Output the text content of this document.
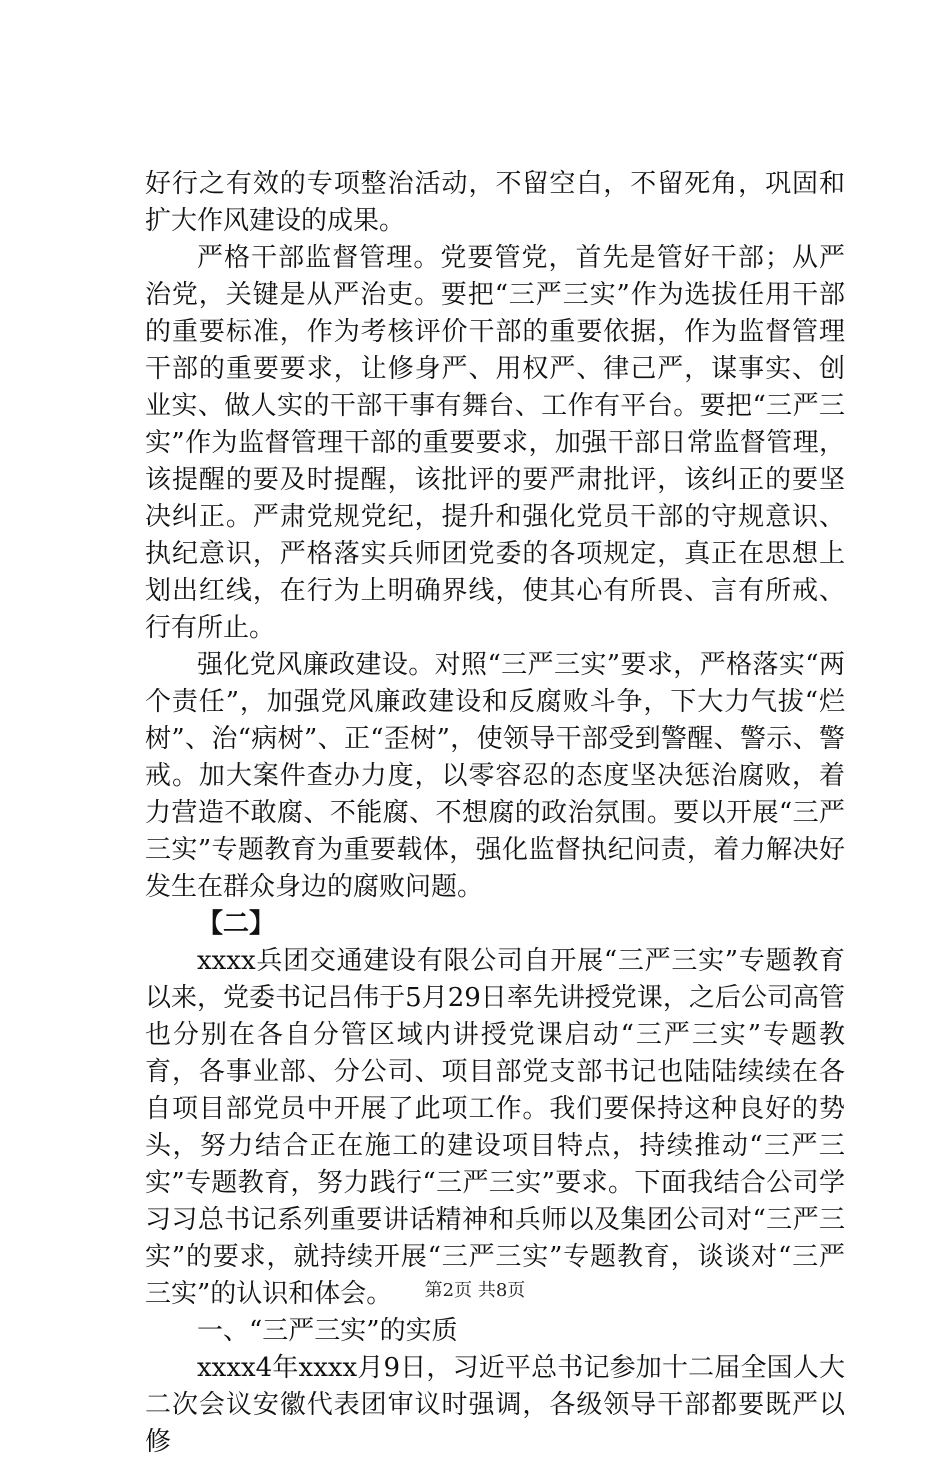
好行之有效的专项整治活动，不留空白，不留死角，巩固和扩大作风建设的成果。

严格干部监督管理。党要管党，首先是管好干部；从严治党，关键是从严治吏。要把“三严三实”作为选拔任用干部的重要标准，作为考核评价干部的重要依据，作为监督管理干部的重要要求，让修身严、用权严、律己严，谋事实、创业实、做人实的干部干事有舞台、工作有平台。要把“三严三实”作为监督管理干部的重要要求，加强干部日常监督管理，该提醒的要及时提醒，该批评的要严肃批评，该纠正的要坚决纠正。严肃党规党纪，提升和强化党员干部的守规意识、执纪意识，严格落实兵师团党委的各项规定，真正在思想上划出红线，在行为上明确界线，使其心有所畏、言有所戒、行有所止。

强化党风廉政建设。对照“三严三实”要求，严格落实“两个责任”，加强党风廉政建设和反腐败斗争，下大力气拔“烂树”、治“病树”、正“歪树”，使领导干部受到警醒、警示、警戒。加大案件查办力度，以零容忍的态度坚决惩治腐败，着力营造不敢腐、不能腐、不想腐的政治氛围。要以开展“三严三实”专题教育为重要载体，强化监督执纪问责，着力解决好发生在群众身边的腐败问题。

【二】

xxxx兵团交通建设有限公司自开展“三严三实”专题教育以来，党委书记吕伟于5月29日率先讲授党课，之后公司高管也分别在各自分管区域内讲授党课启动“三严三实”专题教育，各事业部、分公司、项目部党支部书记也陆陆续续在各自项目部党员中开展了此项工作。我们要保持这种良好的势头，努力结合正在施工的建设项目特点，持续推动“三严三实”专题教育，努力践行“三严三实”要求。下面我结合公司学习习总书记系列重要讲话精神和兵师以及集团公司对“三严三实”的要求，就持续开展“三严三实”专题教育，谈谈对“三严三实”的认识和体会。

一、“三严三实”的实质

xxxx4年xxxx月9日，习近平总书记参加十二届全国人大二次会议安徽代表团审议时强调，各级领导干部都要既严以修

第2页 共8页
